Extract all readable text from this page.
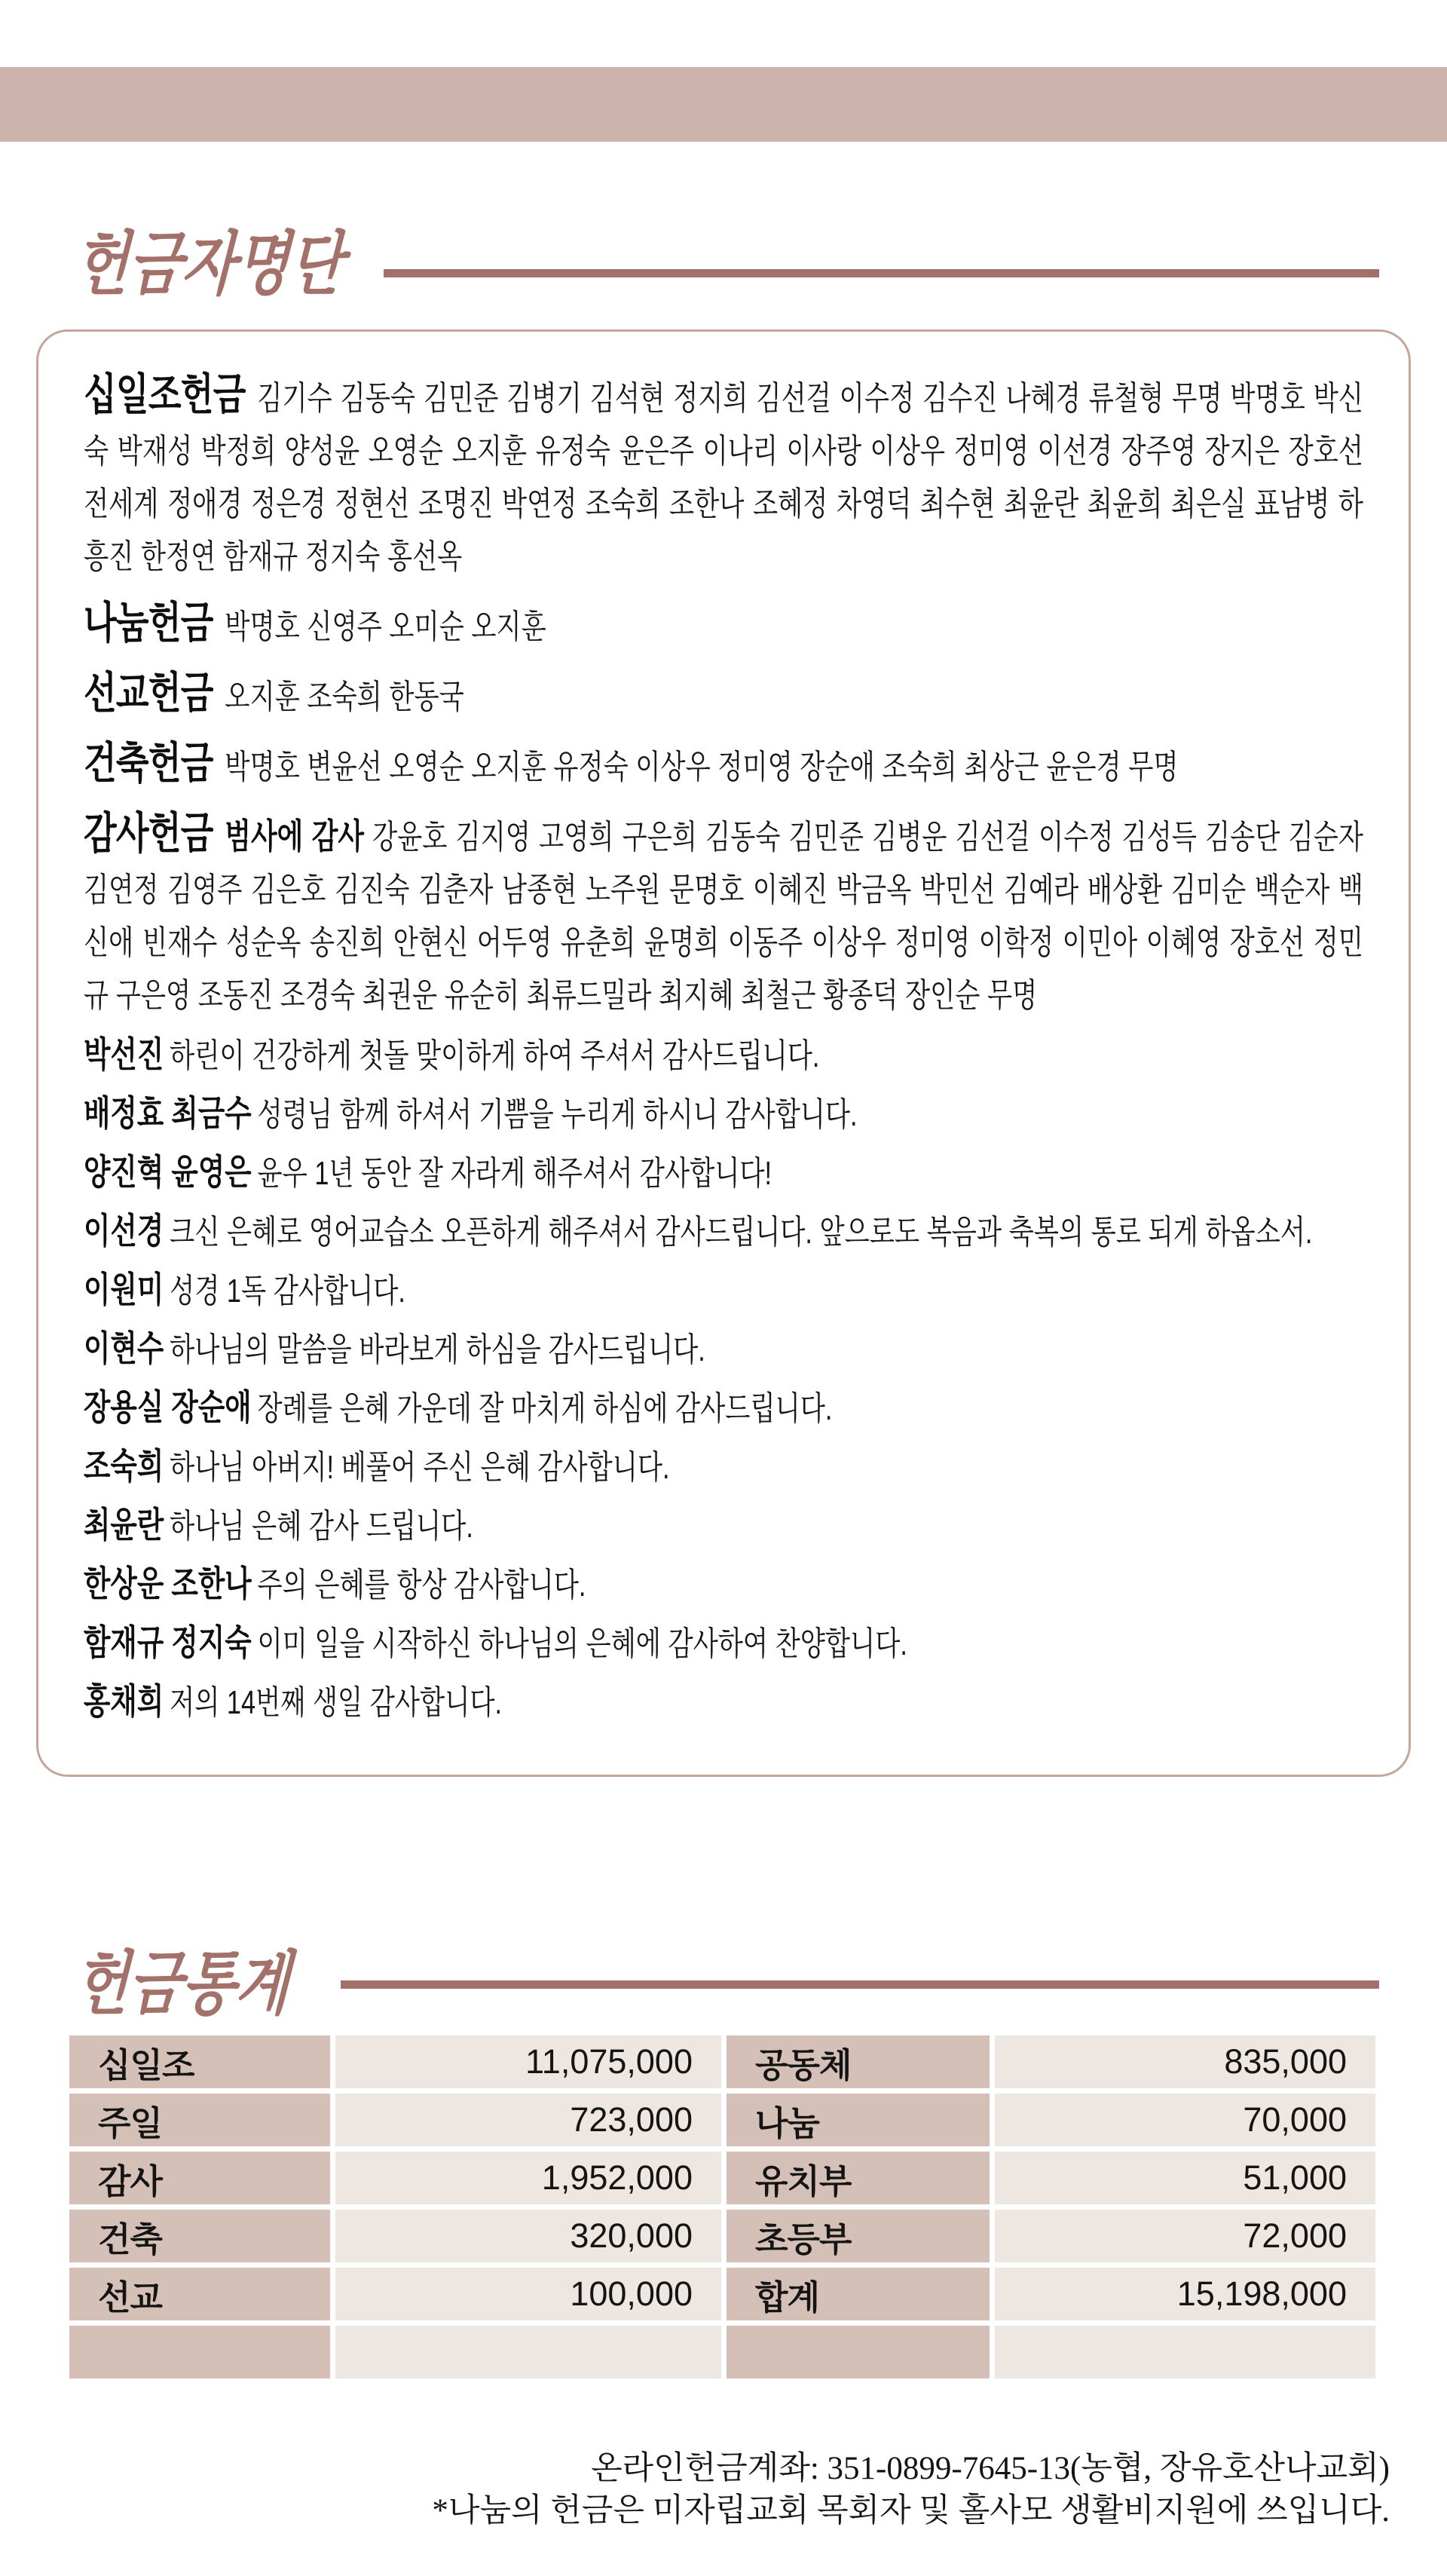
헌금자명단

십일조헌금 김기수 김동숙 김민준 김병기 김석현 정지희 김선걸 이수정 김수진 나혜경 류철형 무명 박명호 박신숙 박재성 박정희 양성윤 오영순 오지훈 유정숙 윤은주 이나리 이사랑 이상우 정미영 이선경 장주영 장지은 장호선 전세계 정애경 정은경 정현선 조명진 박연정 조숙희 조한나 조혜정 차영덕 최수현 최윤란 최윤희 최은실 표남병 하흥진 한정연 함재규 정지숙 홍선옥

나눔헌금 박명호 신영주 오미순 오지훈

선교헌금 오지훈 조숙희 한동국

건축헌금 박명호 변윤선 오영순 오지훈 유정숙 이상우 정미영 장순애 조숙희 최상근 윤은경 무명

감사헌금 범사에 감사 강윤호 김지영 고영희 구은희 김동숙 김민준 김병운 김선걸 이수정 김성득 김송단 김순자 김연정 김영주 김은호 김진숙 김춘자 남종현 노주원 문명호 이혜진 박금옥 박민선 김예라 배상환 김미순 백순자 백신애 빈재수 성순옥 송진희 안현신 어두영 유춘희 윤명희 이동주 이상우 정미영 이학정 이민아 이혜영 장호선 정민규 구은영 조동진 조경숙 최권운 유순히 최류드밀라 최지혜 최철근 황종덕 장인순 무명

박선진 하린이 건강하게 첫돌 맞이하게 하여 주셔서 감사드립니다.

배정효 최금수 성령님 함께 하셔서 기쁨을 누리게 하시니 감사합니다.

양진혁 윤영은 윤우 1년 동안 잘 자라게 해주셔서 감사합니다!

이선경 크신 은혜로 영어교습소 오픈하게 해주셔서 감사드립니다. 앞으로도 복음과 축복의 통로 되게 하옵소서.

이원미 성경 1독 감사합니다.

이현수 하나님의 말씀을 바라보게 하심을 감사드립니다.

장용실 장순애 장례를 은혜 가운데 잘 마치게 하심에 감사드립니다.

조숙희 하나님 아버지! 베풀어 주신 은혜 감사합니다.

최윤란 하나님 은혜 감사 드립니다.

한상운 조한나 주의 은혜를 항상 감사합니다.

함재규 정지숙 이미 일을 시작하신 하나님의 은혜에 감사하여 찬양합니다.

홍채희 저의 14번째 생일 감사합니다.

헌금통계
십일조	11,075,000	공동체	835,000
주일	723,000	나눔	70,000
감사	1,952,000	유치부	51,000
건축	320,000	초등부	72,000
선교	100,000	합계	15,198,000
온라인헌금계좌: 351-0899-7645-13(농협, 장유호산나교회)
*나눔의 헌금은 미자립교회 목회자 및 홀사모 생활비지원에 쓰입니다.
